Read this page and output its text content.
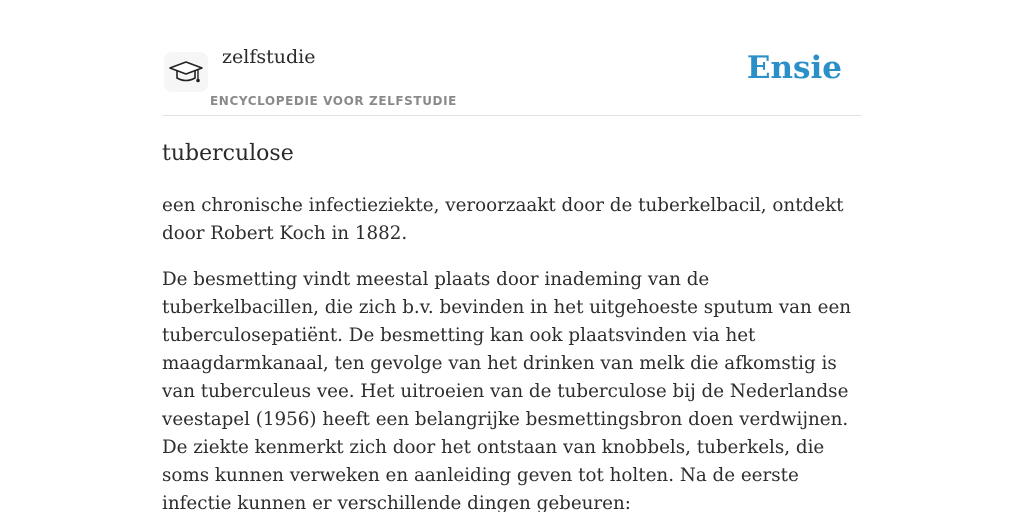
zelfstudie
ENCYCLOPEDIE VOOR ZELFSTUDIE
Ensie
tuberculose

een chronische infectieziekte, veroorzaakt door de tuberkelbacil, ontdekt door Robert Koch in 1882.

De besmetting vindt meestal plaats door inademing van de tuberkelbacillen, die zich b.v. bevinden in het uitgehoeste sputum van een tuberculosepatiënt. De besmetting kan ook plaatsvinden via het maagdarmkanaal, ten gevolge van het drinken van melk die afkomstig is van tuberculeus vee. Het uitroeien van de tuberculose bij de Nederlandse veestapel (1956) heeft een belangrijke besmettingsbron doen verdwijnen. De ziekte kenmerkt zich door het ontstaan van knobbels, tuberkels, die soms kunnen verweken en aanleiding geven tot holten. Na de eerste infectie kunnen er verschillende dingen gebeuren:
